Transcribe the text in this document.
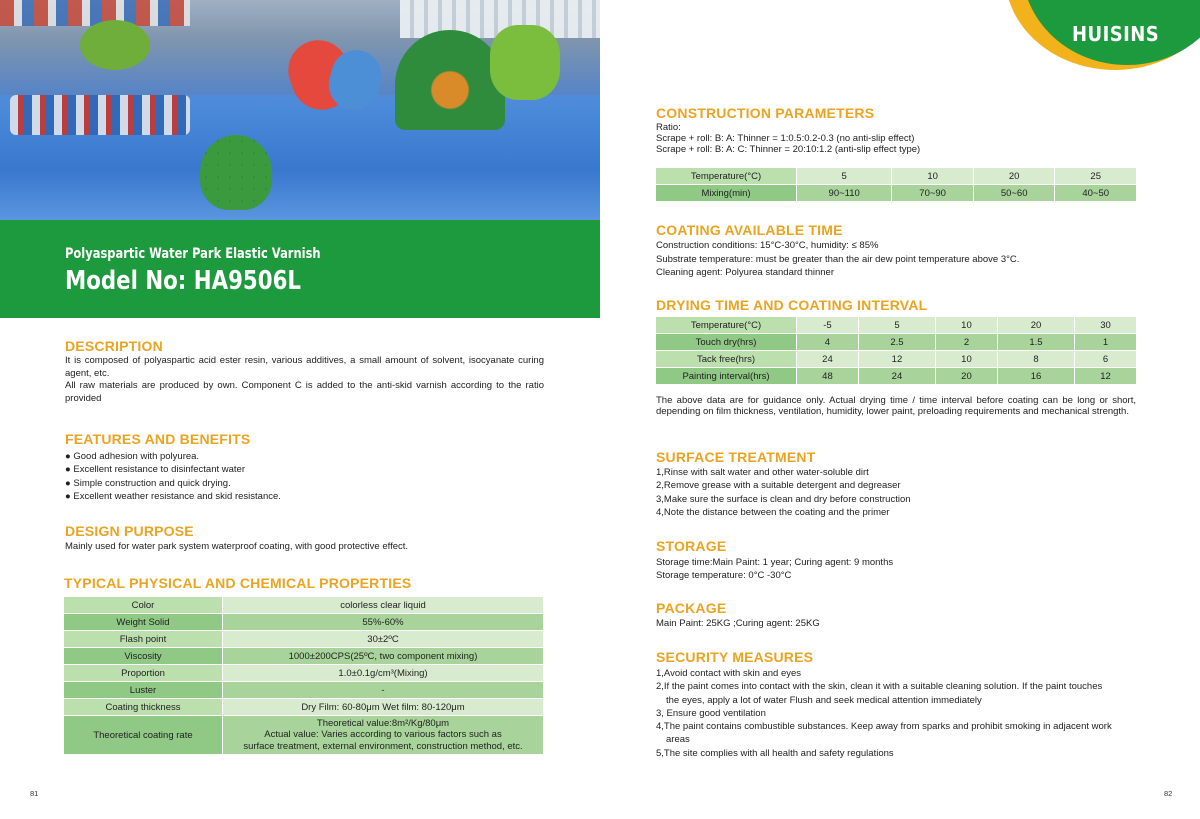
Polyaspartic Water Park Elastic Varnish
Model No: HA9506L
DESCRIPTION
It is composed of polyaspartic acid ester resin, various additives, a small amount of solvent, isocyanate curing agent, etc.
All raw materials are produced by own. Component C is added to the anti-skid varnish according to the ratio provided
FEATURES AND BENEFITS
● Good adhesion with polyurea.
● Excellent resistance to disinfectant water
● Simple construction and quick drying.
● Excellent weather resistance and skid resistance.
DESIGN PURPOSE
Mainly used for water park system waterproof coating, with good protective effect.
TYPICAL PHYSICAL AND CHEMICAL PROPERTIES
Color	colorless clear liquid
Weight Solid	55%-60%
Flash point	30±2ºC
Viscosity	1000±200CPS(25ºC, two component mixing)
Proportion	1.0±0.1g/cm³(Mixing)
Luster	-
Coating thickness	Dry Film: 60-80μm Wet film: 80-120μm
Theoretical coating rate	Theoretical value:8m²/Kg/80μm
Actual value: Varies according to various factors such as
surface treatment, external environment, construction method, etc.
81
HUISINS
CONSTRUCTION PARAMETERS
Ratio:
Scrape + roll: B: A: Thinner = 1:0.5:0.2-0.3 (no anti-slip effect)
Scrape + roll: B: A: C: Thinner = 20:10:1.2 (anti-slip effect type)
Temperature(°C)	5	10	20	25
Mixing(min)	90~110	70~90	50~60	40~50
COATING AVAILABLE TIME
Construction conditions: 15°C-30°C, humidity: ≤ 85%
Substrate temperature: must be greater than the air dew point temperature above 3°C.
Cleaning agent: Polyurea standard thinner
DRYING TIME AND COATING INTERVAL
Temperature(°C)	-5	5	10	20	30
Touch dry(hrs)	4	2.5	2	1.5	1
Tack free(hrs)	24	12	10	8	6
Painting interval(hrs)	48	24	20	16	12
The above data are for guidance only. Actual drying time / time interval before coating can be long or short, depending on film thickness, ventilation, humidity, lower paint, preloading requirements and mechanical strength.
SURFACE TREATMENT
1,Rinse with salt water and other water-soluble dirt
2,Remove grease with a suitable detergent and degreaser
3,Make sure the surface is clean and dry before construction
4,Note the distance between the coating and the primer
STORAGE
Storage time:Main Paint: 1 year; Curing agent: 9 months
Storage temperature: 0°C -30°C
PACKAGE
Main Paint: 25KG ;Curing agent: 25KG
SECURITY MEASURES
1,Avoid contact with skin and eyes
2,If the paint comes into contact with the skin, clean it with a suitable cleaning solution. If the paint touches
the eyes, apply a lot of water Flush and seek medical attention immediately
3, Ensure good ventilation
4,The paint contains combustible substances. Keep away from sparks and prohibit smoking in adjacent work
areas
5,The site complies with all health and safety regulations
82
